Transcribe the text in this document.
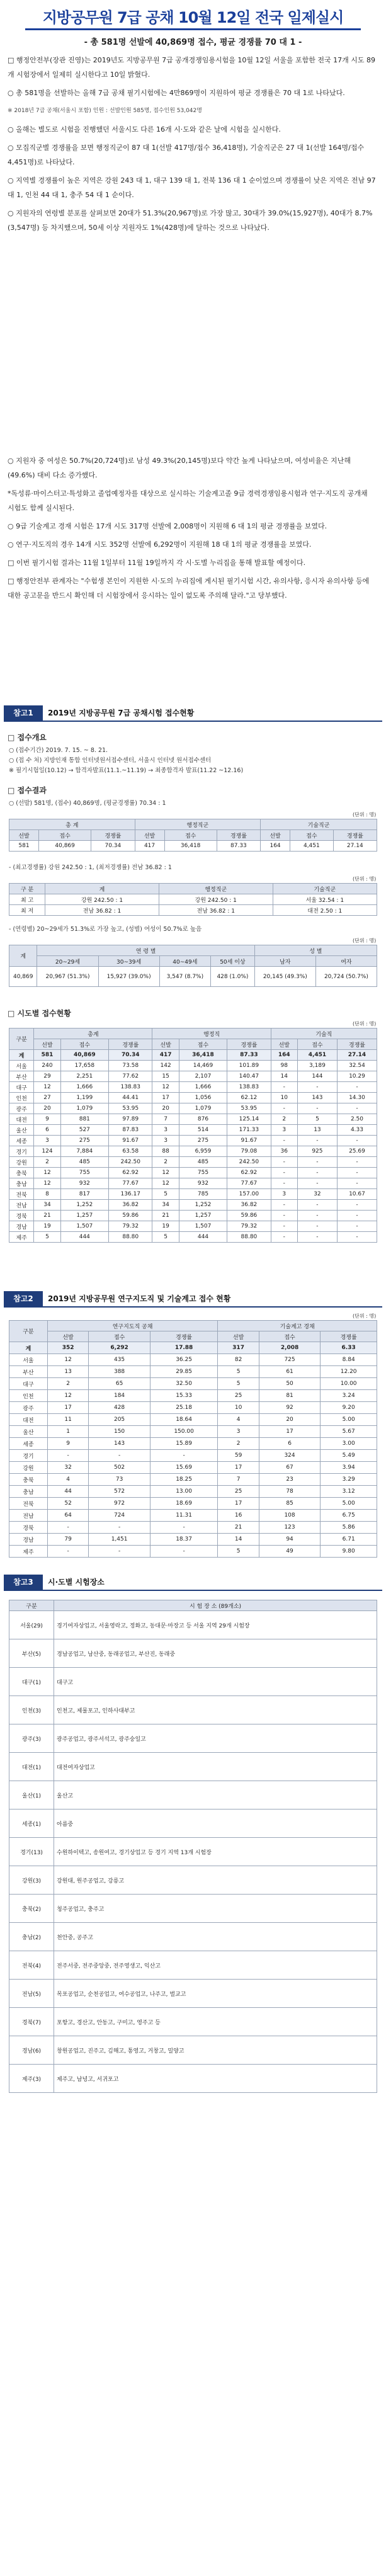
지방공무원 7급 공채 10월 12일 전국 일제실시
- 총 581명 선발에 40,869명 접수, 평균 경쟁률 70 대 1 -

□ 행정안전부(장관 진영)는 2019년도 지방공무원 7급 공개경쟁임용시험을 10월 12일 서울을 포함한 전국 17개 시도 89개 시험장에서 일제히 실시한다고 10일 밝혔다.

○ 총 581명을 선발하는 올해 7급 공채 필기시험에는 4만869명이 지원하여 평균 경쟁률은 70 대 1로 나타났다.

※ 2018년 7급 공채(서울시 포함) 인원 : 선발인원 585명, 접수인원 53,042명

○ 올해는 별도로 시험을 진행했던 서울시도 다른 16개 시·도와 같은 날에 시험을 실시한다.

○ 모집직군별 경쟁률을 보면 행정직군이 87 대 1(선발 417명/접수 36,418명), 기술직군은 27 대 1(선발 164명/접수 4,451명)로 나타났다.

○ 지역별 경쟁률이 높은 지역은 강원 243 대 1, 대구 139 대 1, 전북 136 대 1 순이었으며 경쟁률이 낮은 지역은 전남 97 대 1, 인천 44 대 1, 충주 54 대 1 순이다.

○ 지원자의 연령별 분포를 살펴보면 20대가 51.3%(20,967명)로 가장 많고, 30대가 39.0%(15,927명), 40대가 8.7%(3,547명) 등 차지했으며, 50세 이상 지원자도 1%(428명)에 달하는 것으로 나타났다.

○ 지원자 중 여성은 50.7%(20,724명)로 남성 49.3%(20,145명)보다 약간 높게 나타났으며, 여성비율은 지난해(49.6%) 대비 다소 증가했다.

*독성류·마이스터고·특성화고 졸업예정자를 대상으로 실시하는 기술계고졸 9급 경력경쟁임용시험과 연구·지도직 공개채 시험도 함께 실시된다.

○ 9급 기술계고 경재 시험은 17개 시도 317명 선발에 2,008명이 지원해 6 대 1의 평균 경쟁률을 보였다.

○ 연구·지도직의 경우 14개 시도 352명 선발에 6,292명이 지원해 18 대 1의 평균 경쟁률을 보였다.

□ 이번 필기시험 결과는 11월 1일부터 11월 19일까지 각 시·도별 누리집을 통해 발표할 예정이다.

□ 행정안전부 관계자는 "수험생 본인이 지원한 시·도의 누리집에 게시된 필기시험 시간, 유의사항, 응시자 유의사항 등에 대한 공고문을 반드시 확인해 더 시험장에서 응시하는 일이 없도록 주의해 달라."고 당부했다.

참고1	2019년 지방공무원 7급 공채시험 접수현황
□ 접수개요
○ (접수기간) 2019. 7. 15. ~ 8. 21.
○ (접 수 처) 지방인재 통합 인터넷원서접수센터, 서울시 인터넷 원서접수센터
※ 필기시험일(10.12) → 합격자발표(11.1.~11.19) → 최종합격자 발표(11.22 ~12.16)
□ 접수결과
○ (선발) 581명, (접수) 40,869명, (평균경쟁률) 70.34 : 1
(단위 : 명)
총 계			행정직군			기술직군		
선발	접수	경쟁률	선발	접수	경쟁률	선발	접수	경쟁률
581	40,869	70.34	417	36,418	87.33	164	4,451	27.14
- (최고경쟁률) 강원 242.50 : 1, (최저경쟁률) 전남 36.82 : 1
(단위 : 명)
구 분	계	행정직군	기술직군
최 고	강원 242.50 : 1	강원 242.50 : 1	서울 32.54 : 1
최 저	전남 36.82 : 1	전남 36.82 : 1	대전 2.50 : 1
- (연령별) 20~29세가 51.3%로 가장 높고, (성별) 여성이 50.7%로 높음
(단위 : 명)
계	연 령 별				성 별	
	20~29세	30~39세	40~49세	50세 이상	남자	여자
40,869	20,967 (51.3%)	15,927 (39.0%)	3,547 (8.7%)	428 (1.0%)	20,145 (49.3%)	20,724 (50.7%)
□ 시도별 접수현황
(단위 : 명)
구분	총계			행정직			기술직		
	선발	접수	경쟁률	선발	접수	경쟁률	선발	접수	경쟁률
계	581	40,869	70.34	417	36,418	87.33	164	4,451	27.14
서울	240	17,658	73.58	142	14,469	101.89	98	3,189	32.54
부산	29	2,251	77.62	15	2,107	140.47	14	144	10.29
대구	12	1,666	138.83	12	1,666	138.83	-	-	-
인천	27	1,199	44.41	17	1,056	62.12	10	143	14.30
광주	20	1,079	53.95	20	1,079	53.95	-	-	-
대전	9	881	97.89	7	876	125.14	2	5	2.50
울산	6	527	87.83	3	514	171.33	3	13	4.33
세종	3	275	91.67	3	275	91.67	-	-	-
경기	124	7,884	63.58	88	6,959	79.08	36	925	25.69
강원	2	485	242.50	2	485	242.50	-	-	-
충북	12	755	62.92	12	755	62.92	-	-	-
충남	12	932	77.67	12	932	77.67	-	-	-
전북	8	817	136.17	5	785	157.00	3	32	10.67
전남	34	1,252	36.82	34	1,252	36.82	-	-	-
경북	21	1,257	59.86	21	1,257	59.86	-	-	-
경남	19	1,507	79.32	19	1,507	79.32	-	-	-
제주	5	444	88.80	5	444	88.80	-	-	-
참고2	2019년 지방공무원 연구지도직 및 기술계고 접수 현황
(단위 : 명)
구분	연구지도직 공채			기술계고 경채		
	선발	접수	경쟁률	선발	접수	경쟁률
계	352	6,292	17.88	317	2,008	6.33
서울	12	435	36.25	82	725	8.84
부산	13	388	29.85	5	61	12.20
대구	2	65	32.50	5	50	10.00
인천	12	184	15.33	25	81	3.24
광주	17	428	25.18	10	92	9.20
대전	11	205	18.64	4	20	5.00
울산	1	150	150.00	3	17	5.67
세종	9	143	15.89	2	6	3.00
경기	-	-	-	59	324	5.49
강원	32	502	15.69	17	67	3.94
충북	4	73	18.25	7	23	3.29
충남	44	572	13.00	25	78	3.12
전북	52	972	18.69	17	85	5.00
전남	64	724	11.31	16	108	6.75
경북	-	-	-	21	123	5.86
경남	79	1,451	18.37	14	94	6.71
제주	-	-	-	5	49	9.80
참고3	시·도별 시험장소
구분	시 험 장 소 (89개소)
서울(29)	경기여자상업고, 서울영락고, 정화고, 동대문·마장고 등 서울 지역 29개 시험장
부산(5)	경남공업고, 남산중, 동래공업고, 부산진, 동래중
대구(1)	대구고
인천(3)	인천고, 제물포고, 인하사대부고
광주(3)	광주공업고, 광주서석고, 광주숭일고
대전(1)	대전여자상업고
울산(1)	울산고
세종(1)	아름중
경기(13)	수원하이텍고, 송원여고, 경기상업고 등 경기 지역 13개 시험장
강원(3)	강원대, 원주공업고, 강릉고
충북(2)	청주공업고, 충주고
충남(2)	천안중, 공주고
전북(4)	전주서중, 전주중앙중, 전주영생고, 익산고
전남(5)	목포공업고, 순천공업고, 여수공업고, 나주고, 벌교고
경북(7)	포항고, 경산고, 안동고, 구미고, 영주고 등
경남(6)	창원공업고, 진주고, 김해고, 통영고, 거창고, 밀양고
제주(3)	제주고, 남녕고, 서귀포고
